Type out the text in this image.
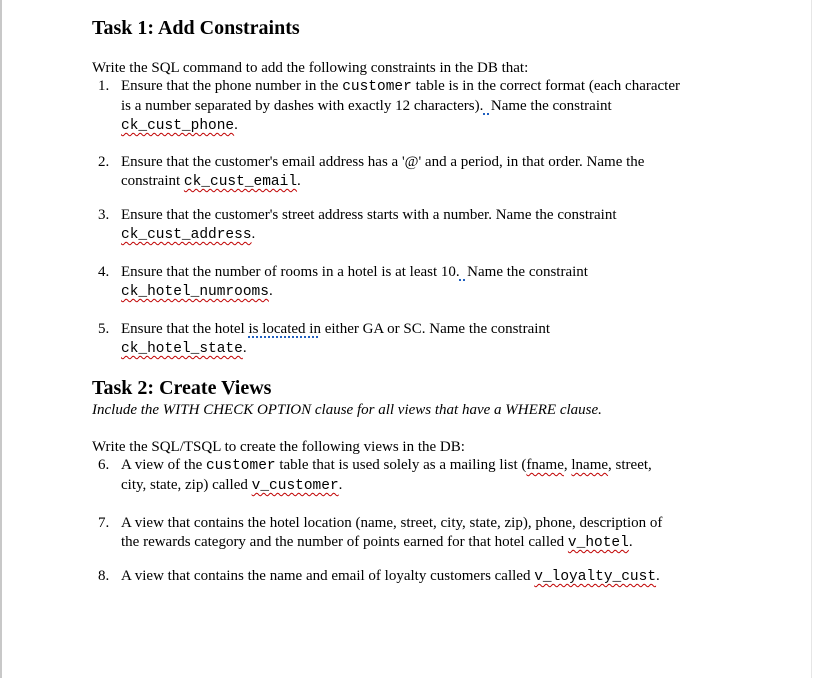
Task 1: Add Constraints
Write the SQL command to add the following constraints in the DB that:
1. Ensure that the phone number in the customer table is in the correct format (each character
is a number separated by dashes with exactly 12 characters). Name the constraint
ck_cust_phone.
2. Ensure that the customer's email address has a '@' and a period, in that order. Name the
constraint ck_cust_email.
3. Ensure that the customer's street address starts with a number. Name the constraint
ck_cust_address.
4. Ensure that the number of rooms in a hotel is at least 10. Name the constraint
ck_hotel_numrooms.
5. Ensure that the hotel is located in either GA or SC. Name the constraint
ck_hotel_state.
Task 2: Create Views
Include the WITH CHECK OPTION clause for all views that have a WHERE clause.
Write the SQL/TSQL to create the following views in the DB:
6. A view of the customer table that is used solely as a mailing list (fname, lname, street,
city, state, zip) called v_customer.
7. A view that contains the hotel location (name, street, city, state, zip), phone, description of
the rewards category and the number of points earned for that hotel called v_hotel.
8. A view that contains the name and email of loyalty customers called v_loyalty_cust.
